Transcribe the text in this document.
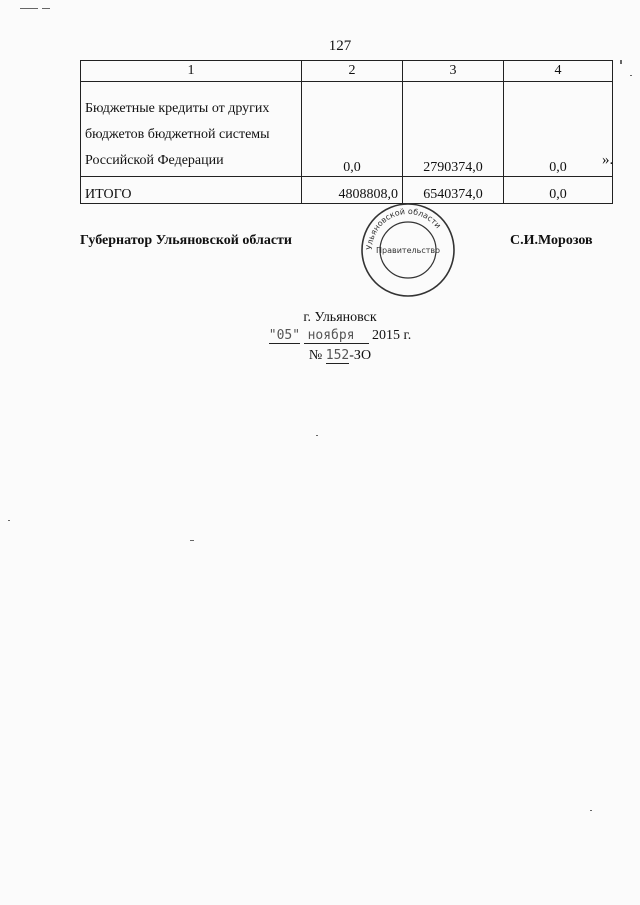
127
1	2	3	4

Бюджетные кредиты от других
бюджетов бюджетной системы
Российской Федерации	0,0	2790374,0	0,0
ИТОГО	4808808,0	6540374,0	0,0
».
Губернатор Ульяновской области	С.И.Морозов
Ульяновской области
Правительство
г. Ульяновск
"05" ноября 2015 г.
№ 152-ЗО
